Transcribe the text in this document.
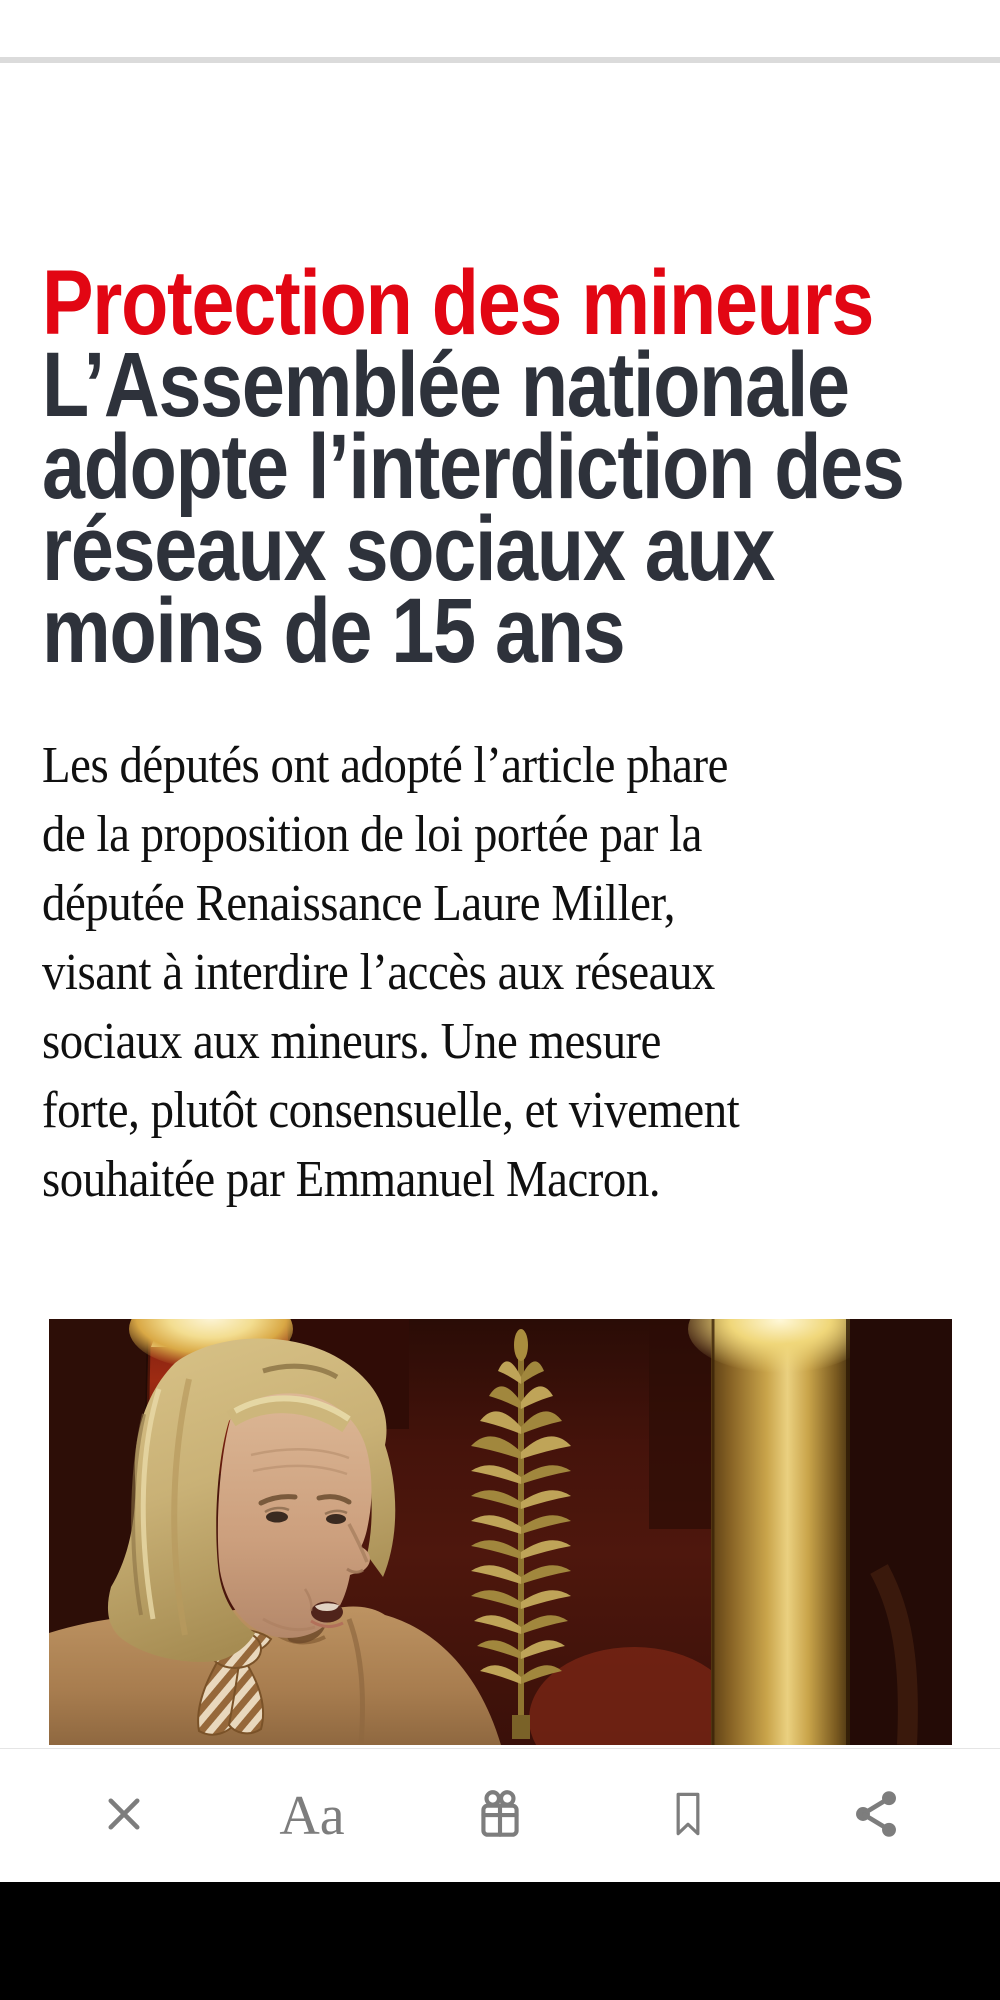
Protection des mineurs
L’Assemblée nationale
adopte l’interdiction des
réseaux sociaux aux
moins de 15 ans
Les députés ont adopté l’article phare
de la proposition de loi portée par la
députée Renaissance Laure Miller,
visant à interdire l’accès aux réseaux
sociaux aux mineurs. Une mesure
forte, plutôt consensuelle, et vivement
souhaitée par Emmanuel Macron.
Aa
